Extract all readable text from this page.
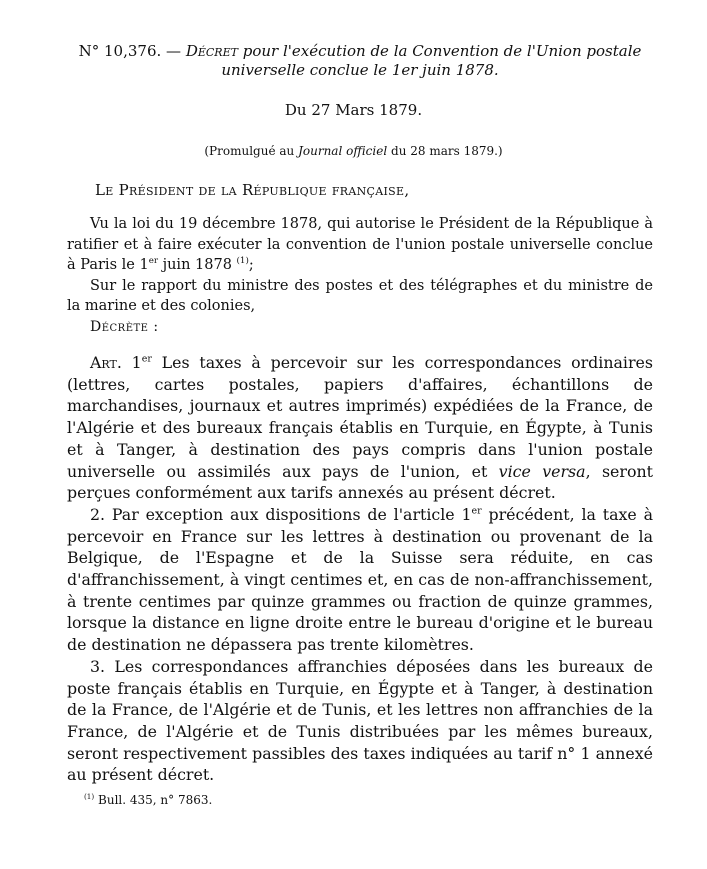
N° 10,376. — Décret pour l'exécution de la Convention de l'Union postale universelle conclue le 1er juin 1878.
Du 27 Mars 1879.
(Promulgué au Journal officiel du 28 mars 1879.)
Le Président de la République française,
Vu la loi du 19 décembre 1878, qui autorise le Président de la République à ratifier et à faire exécuter la convention de l'union postale universelle conclue à Paris le 1er juin 1878 $^{(1)}$;
Sur le rapport du ministre des postes et des télégraphes et du ministre de la marine et des colonies,
Décrète :

Art. 1er Les taxes à percevoir sur les correspondances ordinaires (lettres, cartes postales, papiers d'affaires, échantillons de marchandises, journaux et autres imprimés) expédiées de la France, de l'Algérie et des bureaux français établis en Turquie, en Égypte, à Tunis et à Tanger, à destination des pays compris dans l'union postale universelle ou assimilés aux pays de l'union, et vice versa, seront perçues conformément aux tarifs annexés au présent décret.

2. Par exception aux dispositions de l'article 1er précédent, la taxe à percevoir en France sur les lettres à destination ou provenant de la Belgique, de l'Espagne et de la Suisse sera réduite, en cas d'affranchissement, à vingt centimes et, en cas de non-affranchissement, à trente centimes par quinze grammes ou fraction de quinze grammes, lorsque la distance en ligne droite entre le bureau d'origine et le bureau de destination ne dépassera pas trente kilomètres.

3. Les correspondances affranchies déposées dans les bureaux de poste français établis en Turquie, en Égypte et à Tanger, à destination de la France, de l'Algérie et de Tunis, et les lettres non affranchies de la France, de l'Algérie et de Tunis distribuées par les mêmes bureaux, seront respectivement passibles des taxes indiquées au tarif n° 1 annexé au présent décret.

$^{(1)}$ Bull. 435, n° 7863.
